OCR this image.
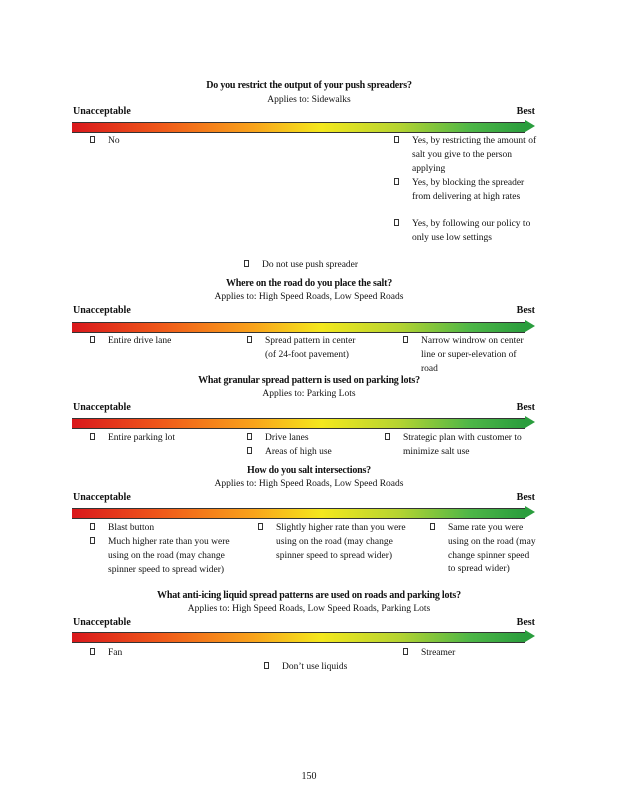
Do you restrict the output of your push spreaders?
Applies to: Sidewalks
Unacceptable	Best
No	Yes, by restricting the amount of salt you give to the person applying
Yes, by blocking the spreader from delivering at high rates
Yes, by following our policy to only use low settings
Do not use push spreader
Where on the road do you place the salt?
Applies to: High Speed Roads, Low Speed Roads
Unacceptable	Best
Entire drive lane	Spread pattern in center (of 24-foot pavement)
Narrow windrow on center line or super-elevation of road
What granular spread pattern is used on parking lots?
Applies to: Parking Lots
Unacceptable	Best
Entire parking lot	Drive lanes
Areas of high use
Strategic plan with customer to minimize salt use
How do you salt intersections?
Applies to: High Speed Roads, Low Speed Roads
Unacceptable	Best
Blast button
Much higher rate than you were using on the road (may change spinner speed to spread wider)
Slightly higher rate than you were using on the road (may change spinner speed to spread wider)
Same rate you were using on the road (may change spinner speed to spread wider)
What anti-icing liquid spread patterns are used on roads and parking lots?
Applies to: High Speed Roads, Low Speed Roads, Parking Lots
Unacceptable	Best
Fan	Streamer
Don’t use liquids
150
